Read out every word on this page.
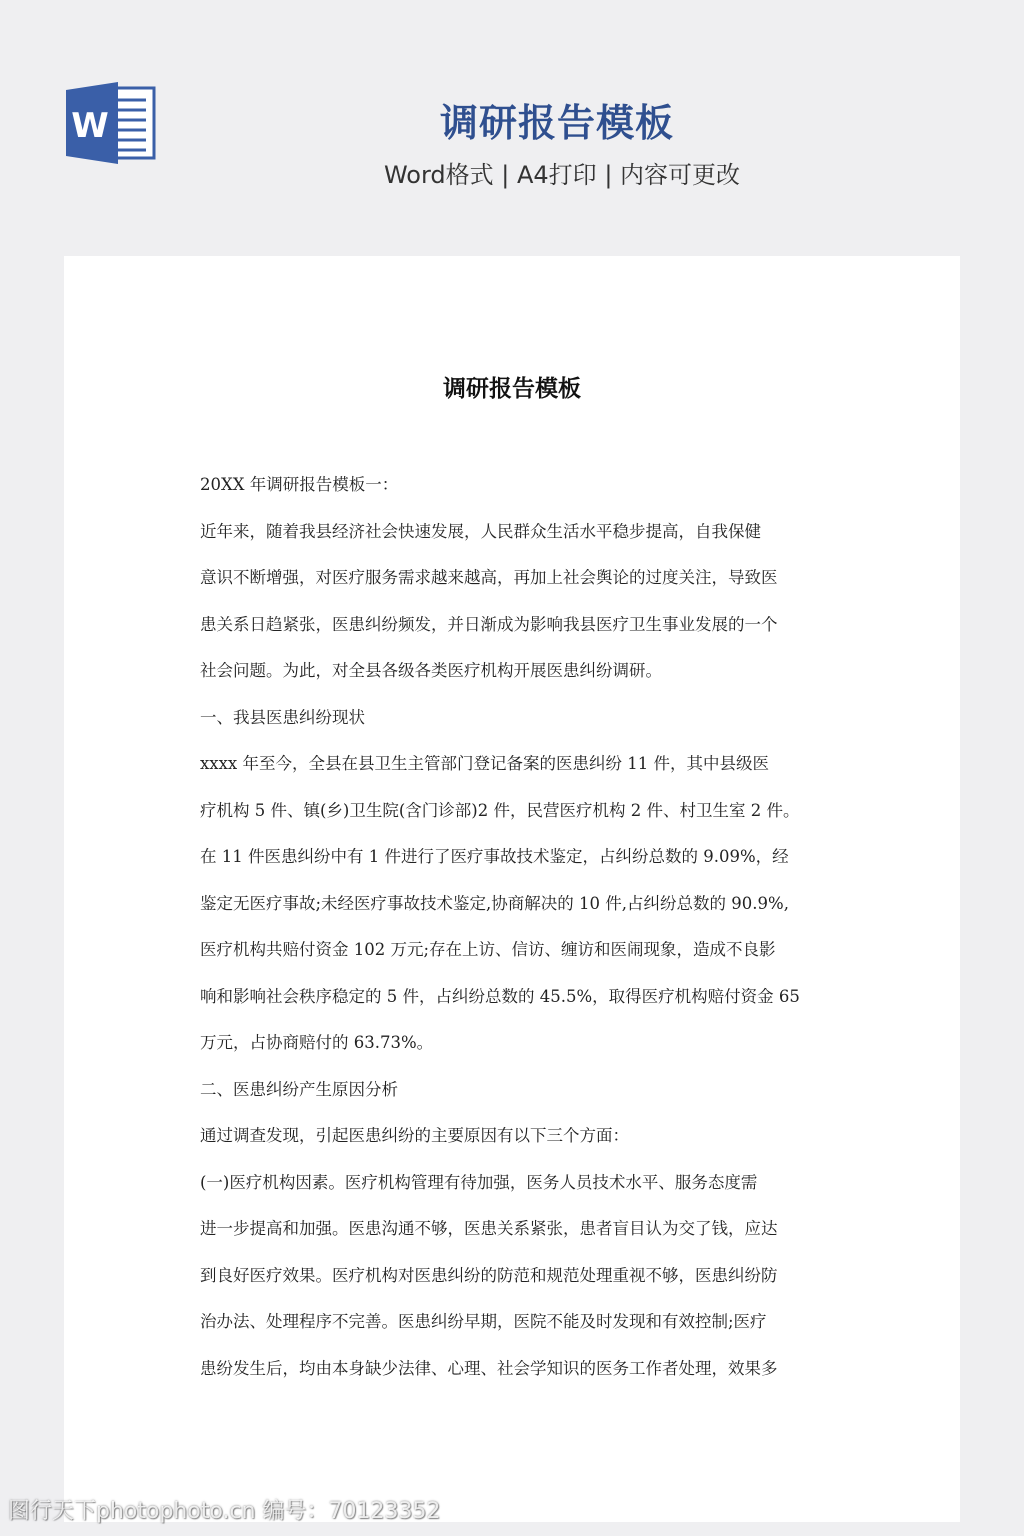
W	调研报告模板
Word格式 | A4打印 | 内容可更改
调研报告模板
20XX 年调研报告模板一：
近年来，随着我县经济社会快速发展，人民群众生活水平稳步提高，自我保健
意识不断增强，对医疗服务需求越来越高，再加上社会舆论的过度关注，导致医
患关系日趋紧张，医患纠纷频发，并日渐成为影响我县医疗卫生事业发展的一个
社会问题。为此，对全县各级各类医疗机构开展医患纠纷调研。
一、我县医患纠纷现状
xxxx 年至今，全县在县卫生主管部门登记备案的医患纠纷 11 件，其中县级医
疗机构 5 件、镇(乡)卫生院(含门诊部)2 件，民营医疗机构 2 件、村卫生室 2 件。
在 11 件医患纠纷中有 1 件进行了医疗事故技术鉴定，占纠纷总数的 9.09%，经
鉴定无医疗事故;未经医疗事故技术鉴定,协商解决的 10 件,占纠纷总数的 90.9%,
医疗机构共赔付资金 102 万元;存在上访、信访、缠访和医闹现象，造成不良影
响和影响社会秩序稳定的 5 件，占纠纷总数的 45.5%，取得医疗机构赔付资金 65
万元，占协商赔付的 63.73%。
二、医患纠纷产生原因分析
通过调查发现，引起医患纠纷的主要原因有以下三个方面：
(一)医疗机构因素。医疗机构管理有待加强，医务人员技术水平、服务态度需
进一步提高和加强。医患沟通不够，医患关系紧张，患者盲目认为交了钱，应达
到良好医疗效果。医疗机构对医患纠纷的防范和规范处理重视不够，医患纠纷防
治办法、处理程序不完善。医患纠纷早期，医院不能及时发现和有效控制;医疗
患纷发生后，均由本身缺少法律、心理、社会学知识的医务工作者处理，效果多
图行天下photophoto.cn 编号：70123352
